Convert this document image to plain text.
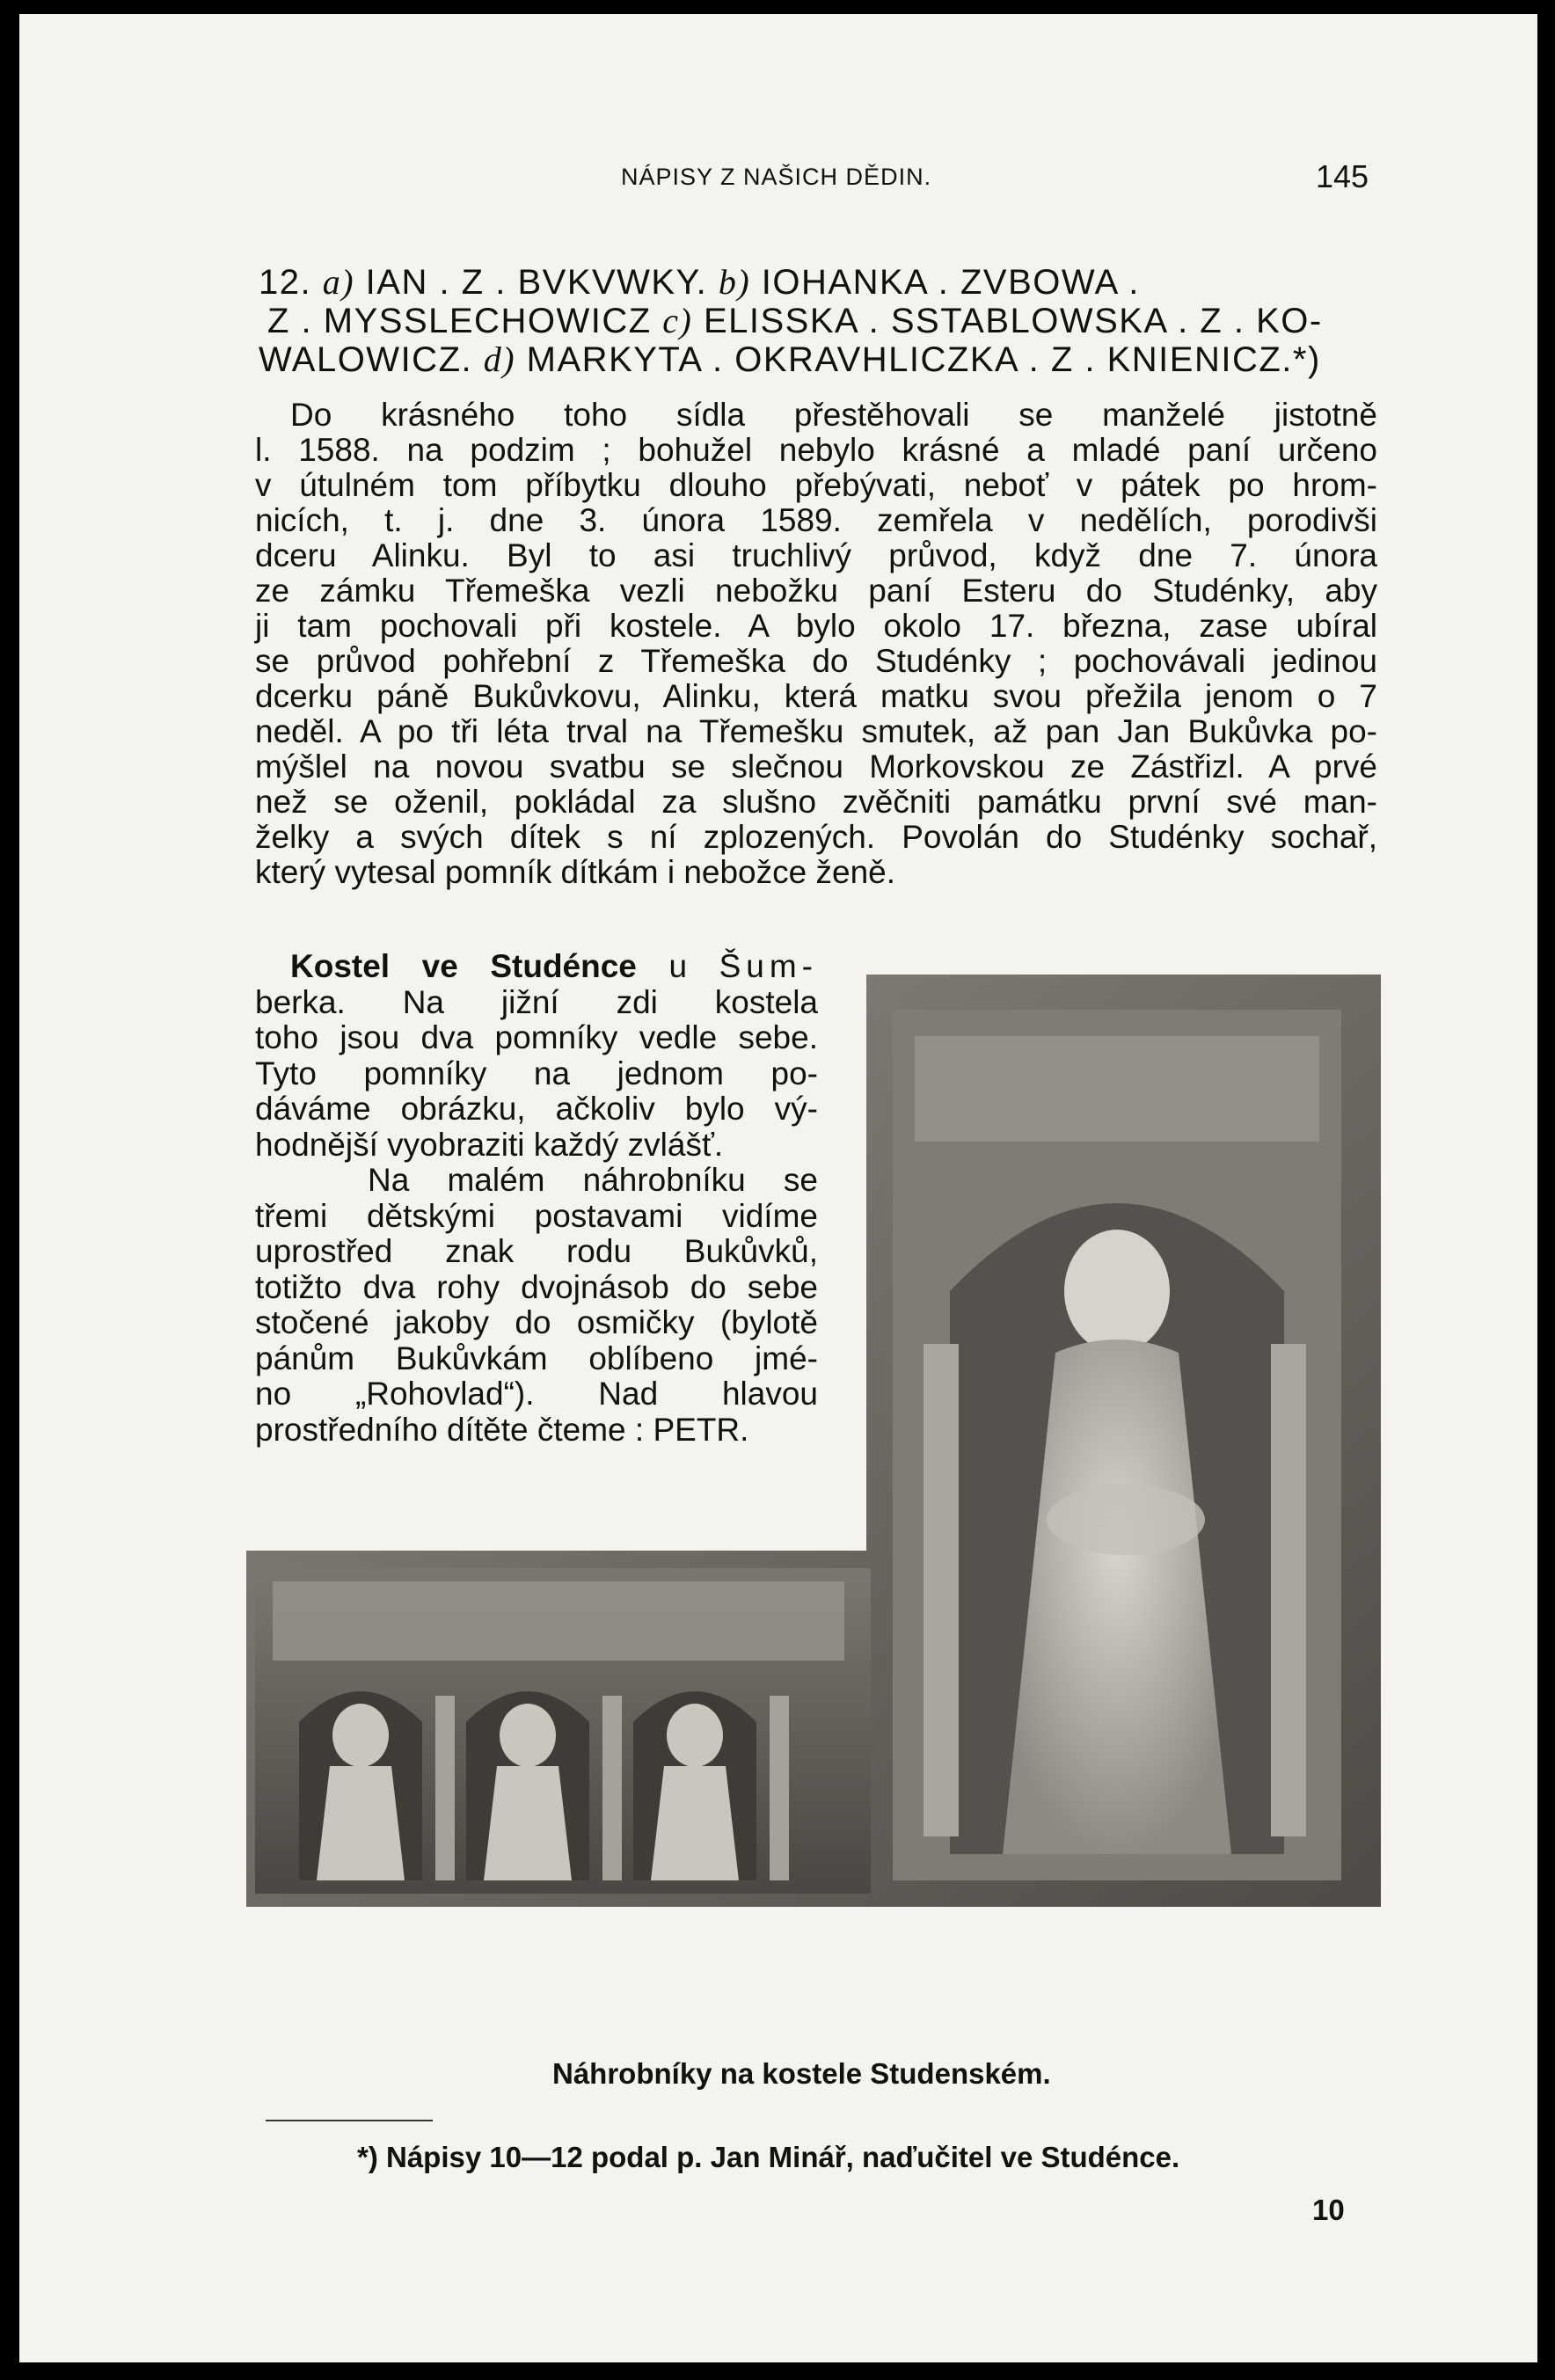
NÁPISY Z NAŠICH DĚDIN.	145
12. a) IAN . Z . BVKVWKY. b) IOHANKA . ZVBOWA .
Z . MYSSLECHOWICZ c) ELISSKA . SSTABLOWSKA . Z . KO-
WALOWICZ. d) MARKYTA . OKRAVHLICZKA . Z . KNIENICZ.*)
Do krásného toho sídla přestěhovali se manželé jistotně
l. 1588. na podzim ; bohužel nebylo krásné a mladé paní určeno
v útulném tom příbytku dlouho přebývati, neboť v pátek po hrom-
nicích, t. j. dne 3. února 1589. zemřela v nedělích, porodivši
dceru Alinku. Byl to asi truchlivý průvod, když dne 7. února
ze zámku Třemeška vezli nebožku paní Esteru do Studénky, aby
ji tam pochovali při kostele. A bylo okolo 17. března, zase ubíral
se průvod pohřební z Třemeška do Studénky ; pochovávali jedinou
dcerku páně Bukůvkovu, Alinku, která matku svou přežila jenom o 7
neděl. A po tři léta trval na Třemešku smutek, až pan Jan Bukůvka po-
mýšlel na novou svatbu se slečnou Morkovskou ze Zástřizl. A prvé
než se oženil, pokládal za slušno zvěčniti památku první své man-
želky a svých dítek s ní zplozených. Povolán do Studénky sochař,
který vytesal pomník dítkám i nebožce ženě.
Kostel ve Studénce u Šum-
berka. Na jižní zdi kostela
toho jsou dva pomníky vedle sebe.
Tyto pomníky na jednom po-
dáváme obrázku, ačkoliv bylo vý-
hodnější vyobraziti každý zvlášť.
Na malém náhrobníku se
třemi dětskými postavami vidíme
uprostřed znak rodu Bukůvků,
totižto dva rohy dvojnásob do sebe
stočené jakoby do osmičky (bylotě
pánům Bukůvkám oblíbeno jmé-
no „Rohovlad“). Nad hlavou
prostředního dítěte čteme : PETR.
Náhrobníky na kostele Studenském.
*) Nápisy 10—12 podal p. Jan Minář, naďučitel ve Studénce.
10
